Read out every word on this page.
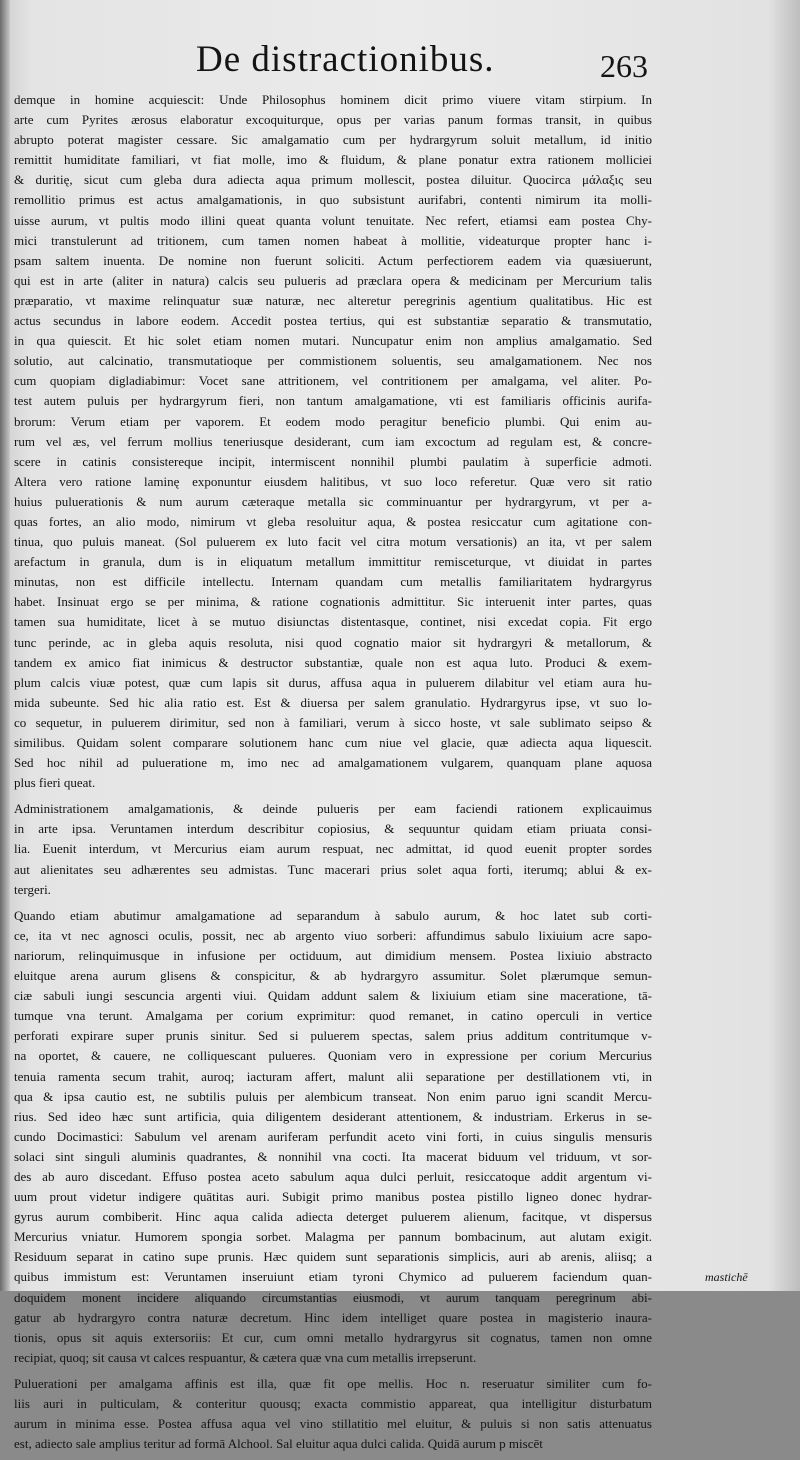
De distractionibus.	263
demque in homine acquiescit: Unde Philosophus hominem dicit primo viuere vitam stirpium. In
arte cum Pyrites ærosus elaboratur excoquiturque, opus per varias panum formas transit, in quibus
abrupto poterat magister cessare. Sic amalgamatio cum per hydrargyrum soluit metallum, id initio
remittit humiditate familiari, vt fiat molle, imo & fluidum, & plane ponatur extra rationem molliciei
& duritię, sicut cum gleba dura adiecta aqua primum mollescit, postea diluitur. Quocirca μάλαξις seu
remollitio primus est actus amalgamationis, in quo subsistunt aurifabri, contenti nimirum ita molli-
uisse aurum, vt pultis modo illini queat quanta volunt tenuitate. Nec refert, etiamsi eam postea Chy-
mici transtulerunt ad tritionem, cum tamen nomen habeat à mollitie, videaturque propter hanc i-
psam saltem inuenta. De nomine non fuerunt soliciti. Actum perfectiorem eadem via quæsiuerunt,
qui est in arte (aliter in natura) calcis seu pulueris ad præclara opera & medicinam per Mercurium talis
præparatio, vt maxime relinquatur suæ naturæ, nec alteretur peregrinis agentium qualitatibus. Hic est
actus secundus in labore eodem. Accedit postea tertius, qui est substantiæ separatio & transmutatio,
in qua quiescit. Et hic solet etiam nomen mutari. Nuncupatur enim non amplius amalgamatio. Sed
solutio, aut calcinatio, transmutatioque per commistionem soluentis, seu amalgamationem. Nec nos
cum quopiam digladiabimur: Vocet sane attritionem, vel contritionem per amalgama, vel aliter. Po-
test autem puluis per hydrargyrum fieri, non tantum amalgamatione, vti est familiaris officinis aurifa-
brorum: Verum etiam per vaporem. Et eodem modo peragitur beneficio plumbi. Qui enim au-
rum vel æs, vel ferrum mollius teneriusque desiderant, cum iam excoctum ad regulam est, & concre-
scere in catinis consistereque incipit, intermiscent nonnihil plumbi paulatim à superficie admoti.
Altera vero ratione laminę exponuntur eiusdem halitibus, vt suo loco referetur. Quæ vero sit ratio
huius puluerationis & num aurum cæteraque metalla sic comminuantur per hydrargyrum, vt per a-
quas fortes, an alio modo, nimirum vt gleba resoluitur aqua, & postea resiccatur cum agitatione con-
tinua, quo puluis maneat. (Sol puluerem ex luto facit vel citra motum versationis) an ita, vt per salem
arefactum in granula, dum is in eliquatum metallum immittitur remisceturque, vt diuidat in partes
minutas, non est difficile intellectu. Internam quandam cum metallis familiaritatem hydrargyrus
habet. Insinuat ergo se per minima, & ratione cognationis admittitur. Sic interuenit inter partes, quas
tamen sua humiditate, licet à se mutuo disiunctas distentasque, continet, nisi excedat copia. Fit ergo
tunc perinde, ac in gleba aquis resoluta, nisi quod cognatio maior sit hydrargyri & metallorum, &
tandem ex amico fiat inimicus & destructor substantiæ, quale non est aqua luto. Produci & exem-
plum calcis viuæ potest, quæ cum lapis sit durus, affusa aqua in puluerem dilabitur vel etiam aura hu-
mida subeunte. Sed hic alia ratio est. Est & diuersa per salem granulatio. Hydrargyrus ipse, vt suo lo-
co sequetur, in puluerem dirimitur, sed non à familiari, verum à sicco hoste, vt sale sublimato seipso &
similibus. Quidam solent comparare solutionem hanc cum niue vel glacie, quæ adiecta aqua liquescit.
Sed hoc nihil ad pulueratione m, imo nec ad amalgamationem vulgarem, quanquam plane aquosa
plus fieri queat.
Administrationem amalgamationis, & deinde pulueris per eam faciendi rationem explicauimus
in arte ipsa. Veruntamen interdum describitur copiosius, & sequuntur quidam etiam priuata consi-
lia. Euenit interdum, vt Mercurius eiam aurum respuat, nec admittat, id quod euenit propter sordes
aut alienitates seu adhærentes seu admistas. Tunc macerari prius solet aqua forti, iterumq; ablui & ex-
tergeri.
Quando etiam abutimur amalgamatione ad separandum à sabulo aurum, & hoc latet sub corti-
ce, ita vt nec agnosci oculis, possit, nec ab argento viuo sorberi: affundimus sabulo lixiuium acre sapo-
nariorum, relinquimusque in infusione per octiduum, aut dimidium mensem. Postea lixiuio abstracto
eluitque arena aurum glisens & conspicitur, & ab hydrargyro assumitur. Solet plærumque semun-
ciæ sabuli iungi sescuncia argenti viui. Quidam addunt salem & lixiuium etiam sine maceratione, tā-
tumque vna terunt. Amalgama per corium exprimitur: quod remanet, in catino operculi in vertice
perforati expirare super prunis sinitur. Sed si puluerem spectas, salem prius additum contritumque v-
na oportet, & cauere, ne colliquescant pulueres. Quoniam vero in expressione per corium Mercurius
tenuia ramenta secum trahit, auroq; iacturam affert, malunt alii separatione per destillationem vti, in
qua & ipsa cautio est, ne subtilis puluis per alembicum transeat. Non enim paruo igni scandit Mercu-
rius. Sed ideo hæc sunt artificia, quia diligentem desiderant attentionem, & industriam. Erkerus in se-
cundo Docimastici: Sabulum vel arenam auriferam perfundit aceto vini forti, in cuius singulis mensuris
solaci sint singuli aluminis quadrantes, & nonnihil vna cocti. Ita macerat biduum vel triduum, vt sor-
des ab auro discedant. Effuso postea aceto sabulum aqua dulci perluit, resiccatoque addit argentum vi-
uum prout videtur indigere quātitas auri. Subigit primo manibus postea pistillo ligneo donec hydrar-
gyrus aurum combiberit. Hinc aqua calida adiecta deterget puluerem alienum, facitque, vt dispersus
Mercurius vniatur. Humorem spongia sorbet. Malagma per pannum bombacinum, aut alutam exigit.
Residuum separat in catino supe prunis. Hæc quidem sunt separationis simplicis, auri ab arenis, aliisq; a
quibus immistum est: Veruntamen inseruiunt etiam tyroni Chymico ad puluerem faciendum quan-
doquidem monent incidere aliquando circumstantias eiusmodi, vt aurum tanquam peregrinum abi-
gatur ab hydrargyro contra naturæ decretum. Hinc idem intelliget quare postea in magisterio inaura-
tionis, opus sit aquis extersoriis: Et cur, cum omni metallo hydrargyrus sit cognatus, tamen non omne
recipiat, quoq; sit causa vt calces respuantur, & cætera quæ vna cum metallis irrepserunt.
Puluerationi per amalgama affinis est illa, quæ fit ope mellis. Hoc n. reseruatur similiter cum fo-
liis auri in pulticulam, & conteritur quousq; exacta commistio appareat, qua intelligitur disturbatum
aurum in minima esse. Postea affusa aqua vel vino stillatitio mel eluitur, & puluis si non satis attenuatus
est, adiecto sale amplius teritur ad formā Alchool. Sal eluitur aqua dulci calida. Quidā aurum p miscēt
mastichē
